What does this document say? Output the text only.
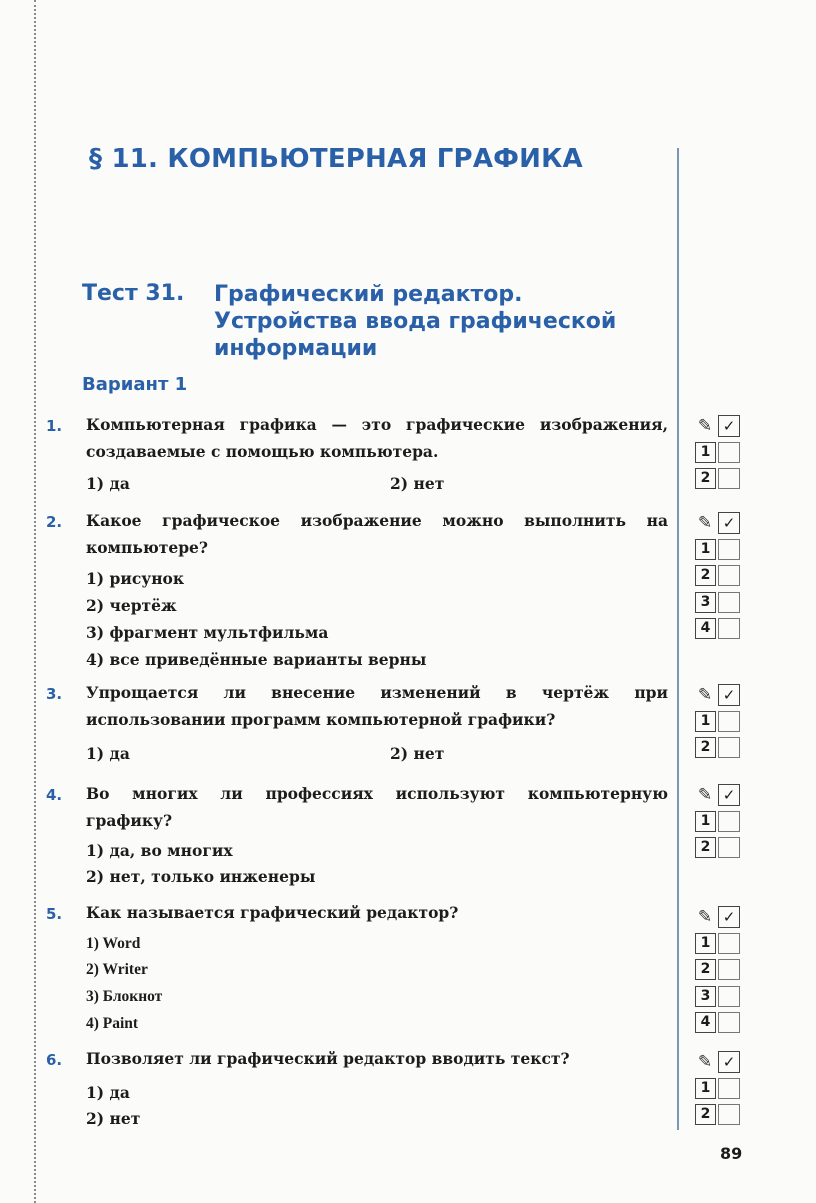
§ 11. КОМПЬЮТЕРНАЯ ГРАФИКА
Тест 31. Графический редактор. Устройства ввода графической информации
Вариант 1
1. Компьютерная графика — это графические изображения, создаваемые с помощью компьютера.

1) да	2) нет
✎ ✓
1
2
2. Какое графическое изображение можно выполнить на компьютере?

1) рисунок
2) чертёж
3) фрагмент мультфильма
4) все приведённые варианты верны
✎ ✓
1
2
3
4
3. Упрощается ли внесение изменений в чертёж при использовании программ компьютерной графики?

1) да	2) нет
✎ ✓
1
2
4. Во многих ли профессиях используют компьютерную графику?

1) да, во многих
2) нет, только инженеры
✎ ✓
1
2
5. Как называется графический редактор?

1) Word
2) Writer
3) Блокнот
4) Paint
✎ ✓
1
2
3
4
6. Позволяет ли графический редактор вводить текст?

1) да
2) нет
✎ ✓
1
2

89
